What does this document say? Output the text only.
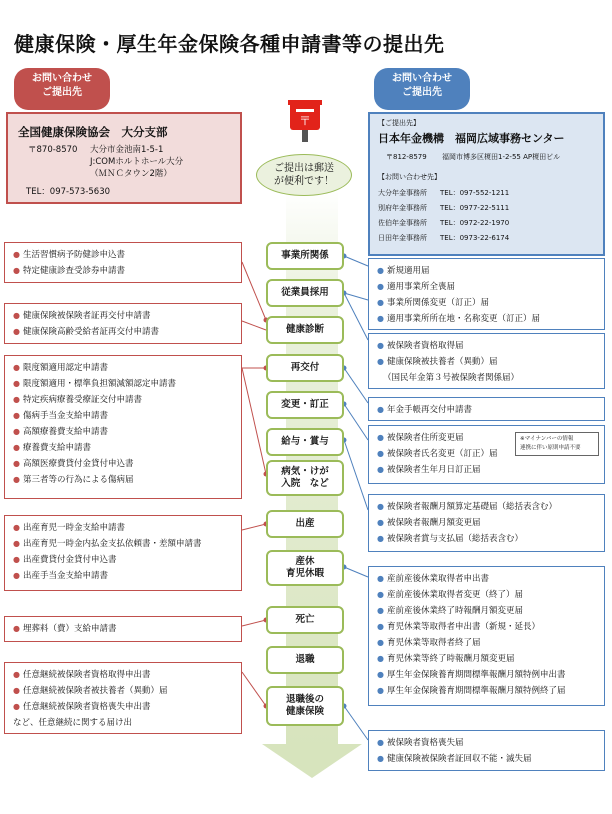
健康保険・厚生年金保険各種申請書等の提出先
お問い合わせ
ご提出先
お問い合わせ
ご提出先
全国健康保険協会　大分支部
〒870-8570 大分市金池南1-5-1
J:COMホルトホール大分
（ＭＮＣタウン2階）
TEL：097-573-5630
【ご提出先】
日本年金機構　福岡広域事務センター
〒812-8579 福岡市博多区榎田1-2-55 AP榎田ビル
【お問い合わせ先】
大分年金事務所 TEL：097-552-1211
別府年金事務所 TEL：0977-22-5111
佐伯年金事務所 TEL：0972-22-1970
日田年金事務所 TEL：0973-22-6174
〒
ご提出は郵送
が便利です！
事業所関係
従業員採用
健康診断
再交付
変更・訂正
給与・賞与
病気・けが
入院　など
出産
産休
育児休暇
死亡
退職
退職後の
健康保険
● 生活習慣病予防健診申込書
● 特定健康診査受診券申請書
● 健康保険被保険者証再交付申請書
● 健康保険高齢受給者証再交付申請書
● 限度額適用認定申請書
● 限度額適用・標準負担額減額認定申請書
● 特定疾病療養受療証交付申請書
● 傷病手当金支給申請書
● 高額療養費支給申請書
● 療養費支給申請書
● 高額医療費貸付金貸付申込書
● 第三者等の行為による傷病届
● 出産育児一時金支給申請書
● 出産育児一時金内払金支払依頼書・差額申請書
● 出産費貸付金貸付申込書
● 出産手当金支給申請書
● 埋葬料（費）支給申請書
● 任意継続被保険者資格取得申出書
● 任意継続被保険者被扶養者（異動）届
● 任意継続被保険者資格喪失申出書
など、任意継続に関する届け出
● 新規適用届
● 適用事業所全喪届
● 事業所関係変更（訂正）届
● 適用事業所所在地・名称変更（訂正）届
● 被保険者資格取得届
● 健康保険被扶養者（異動）届
（国民年金第３号被保険者関係届）
● 年金手帳再交付申請書
● 被保険者住所変更届
● 被保険者氏名変更（訂正）届
● 被保険者生年月日訂正届
※マイナンバーの情報
連携に伴い原則申請不要
● 被保険者報酬月額算定基礎届（総括表含む）
● 被保険者報酬月額変更届
● 被保険者賞与支払届（総括表含む）
● 産前産後休業取得者申出書
● 産前産後休業取得者変更（終了）届
● 産前産後休業終了時報酬月額変更届
● 育児休業等取得者申出書（新規・延長）
● 育児休業等取得者終了届
● 育児休業等終了時報酬月額変更届
● 厚生年金保険養育期間標準報酬月額特例申出書
● 厚生年金保険養育期間標準報酬月額特例終了届
● 被保険者資格喪失届
● 健康保険被保険者証回収不能・滅失届
